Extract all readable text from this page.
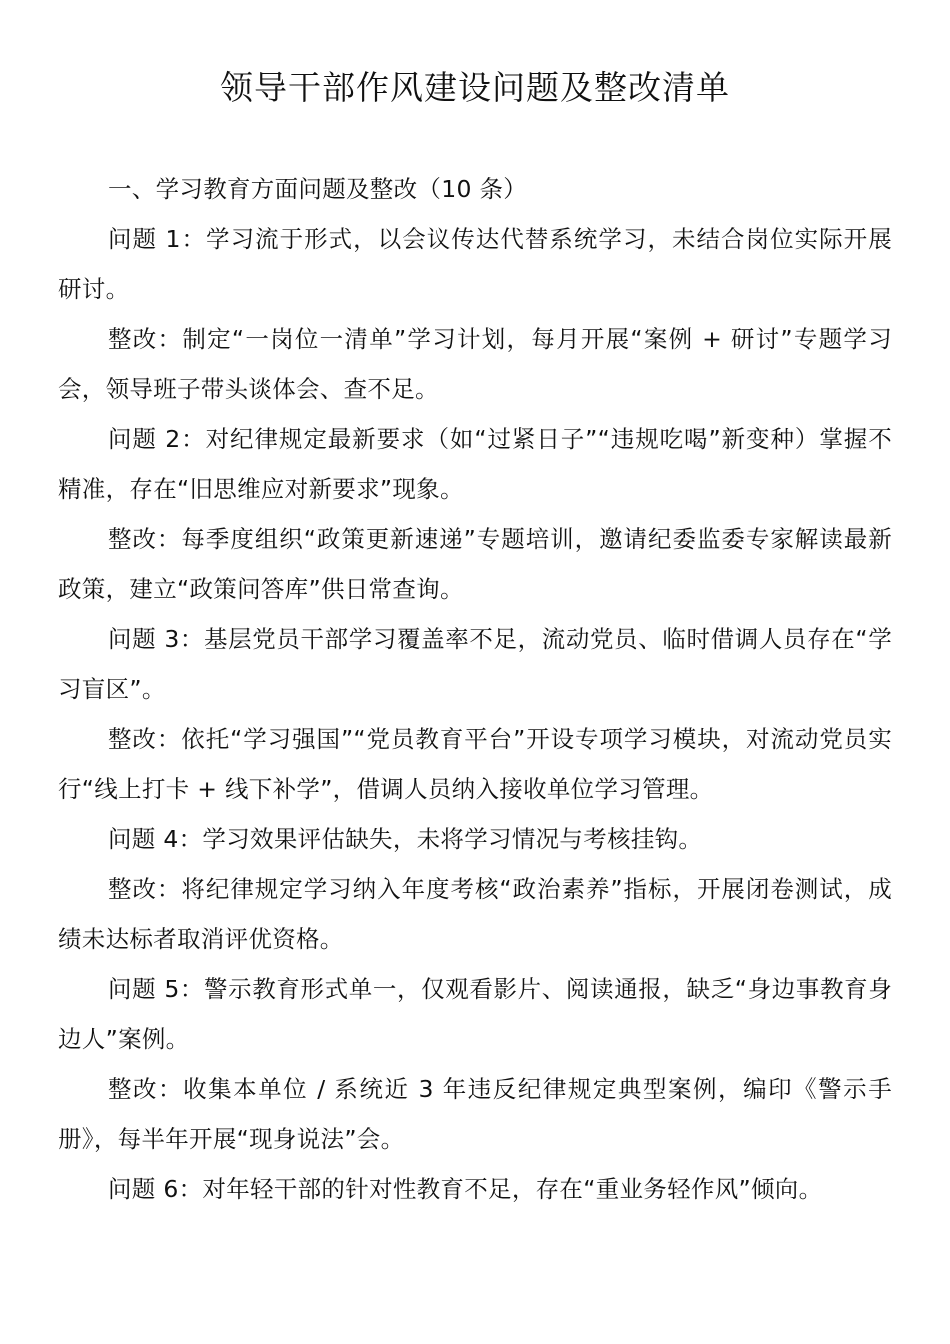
领导干部作风建设问题及整改清单

一、学习教育方面问题及整改（10 条）

问题 1：学习流于形式，以会议传达代替系统学习，未结合岗位实际开展研讨。

整改：制定“一岗位一清单”学习计划，每月开展“案例 + 研讨”专题学习会，领导班子带头谈体会、查不足。

问题 2：对纪律规定最新要求（如“过紧日子”“违规吃喝”新变种）掌握不精准，存在“旧思维应对新要求”现象。

整改：每季度组织“政策更新速递”专题培训，邀请纪委监委专家解读最新政策，建立“政策问答库”供日常查询。

问题 3：基层党员干部学习覆盖率不足，流动党员、临时借调人员存在“学习盲区”。

整改：依托“学习强国”“党员教育平台”开设专项学习模块，对流动党员实行“线上打卡 + 线下补学”，借调人员纳入接收单位学习管理。

问题 4：学习效果评估缺失，未将学习情况与考核挂钩。

整改：将纪律规定学习纳入年度考核“政治素养”指标，开展闭卷测试，成绩未达标者取消评优资格。

问题 5：警示教育形式单一，仅观看影片、阅读通报，缺乏“身边事教育身边人”案例。

整改：收集本单位 / 系统近 3 年违反纪律规定典型案例，编印《警示手册》，每半年开展“现身说法”会。

问题 6：对年轻干部的针对性教育不足，存在“重业务轻作风”倾向。
